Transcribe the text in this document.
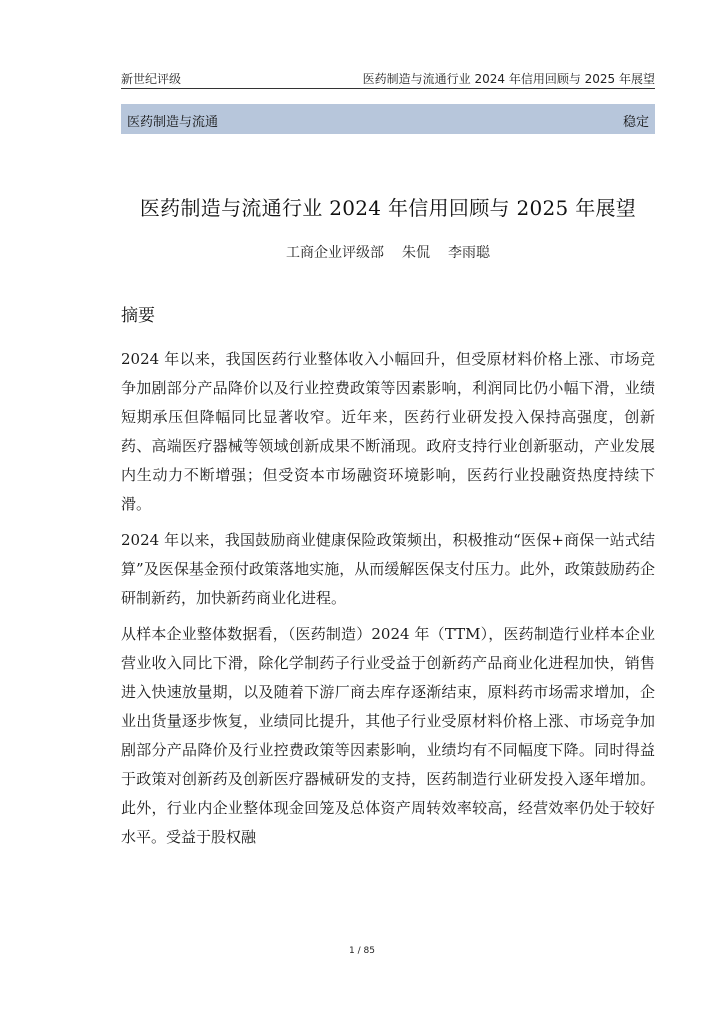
新世纪评级	医药制造与流通行业 2024 年信用回顾与 2025 年展望
医药制造与流通	稳定
医药制造与流通行业 2024 年信用回顾与 2025 年展望
工商企业评级部 朱侃 李雨聪
摘要

2024 年以来，我国医药行业整体收入小幅回升，但受原材料价格上涨、市场竞争加剧部分产品降价以及行业控费政策等因素影响，利润同比仍小幅下滑，业绩短期承压但降幅同比显著收窄。近年来，医药行业研发投入保持高强度，创新药、高端医疗器械等领域创新成果不断涌现。政府支持行业创新驱动，产业发展内生动力不断增强；但受资本市场融资环境影响，医药行业投融资热度持续下滑。

2024 年以来，我国鼓励商业健康保险政策频出，积极推动“医保+商保一站式结算”及医保基金预付政策落地实施，从而缓解医保支付压力。此外，政策鼓励药企研制新药，加快新药商业化进程。

从样本企业整体数据看，（医药制造）2024 年（TTM），医药制造行业样本企业营业收入同比下滑，除化学制药子行业受益于创新药产品商业化进程加快，销售进入快速放量期，以及随着下游厂商去库存逐渐结束，原料药市场需求增加，企业出货量逐步恢复，业绩同比提升，其他子行业受原材料价格上涨、市场竞争加剧部分产品降价及行业控费政策等因素影响，业绩均有不同幅度下降。同时得益于政策对创新药及创新医疗器械研发的支持，医药制造行业研发投入逐年增加。此外，行业内企业整体现金回笼及总体资产周转效率较高，经营效率仍处于较好水平。受益于股权融

1 / 85
